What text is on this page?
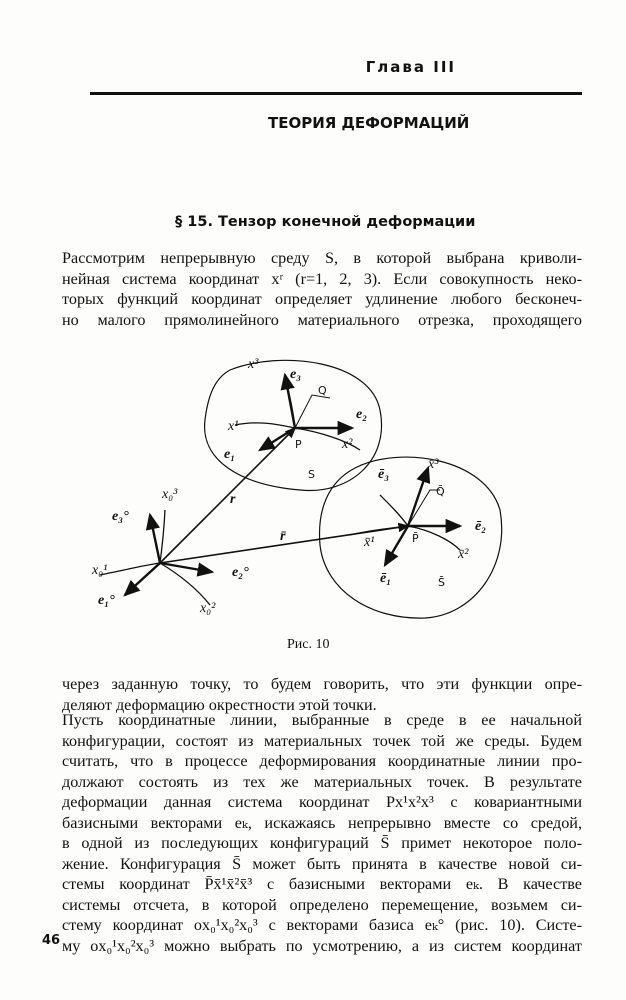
Глава III
ТЕОРИЯ ДЕФОРМАЦИЙ
§ 15. Тензор конечной деформации

Рассмотрим непрерывную среду S, в которой выбрана криволи-
нейная система координат xʳ (r=1, 2, 3). Если совокупность неко-
торых функций координат определяет удлинение любого бесконеч-
но малого прямолинейного материального отрезка, проходящего

x³
e₃
Q
e₂
x¹
P	x²
e₁
S
r
x̄³
ē₃
Q̄
e₃°
x₀³
r̄	x̄¹	P̄
ē₂
x̄²
x₀¹	e₂°	ē₁	S̄
e₁°
x₀²
Рис. 10

через заданную точку, то будем говорить, что эти функции опре-
деляют деформацию окрестности этой точки.

Пусть координатные линии, выбранные в среде в ее начальной
конфигурации, состоят из материальных точек той же среды. Будем
считать, что в процессе деформирования координатные линии про-
должают состоять из тех же материальных точек. В результате
деформации данная система координат Px¹x²x³ с ковариантными
базисными векторами eₖ, искажаясь непрерывно вместе со средой,
в одной из последующих конфигураций S̄ примет некоторое поло-
жение. Конфигурация S̄ может быть принята в качестве новой си-
стемы координат P̄x̄¹x̄²x̄³ с базисными векторами eₖ. В качестве
системы отсчета, в которой определено перемещение, возьмем си-
стему координат ox₀¹x₀²x₀³ с векторами базиса eₖ° (рис. 10). Систе-
му ox₀¹x₀²x₀³ можно выбрать по усмотрению, а из систем координат

46
